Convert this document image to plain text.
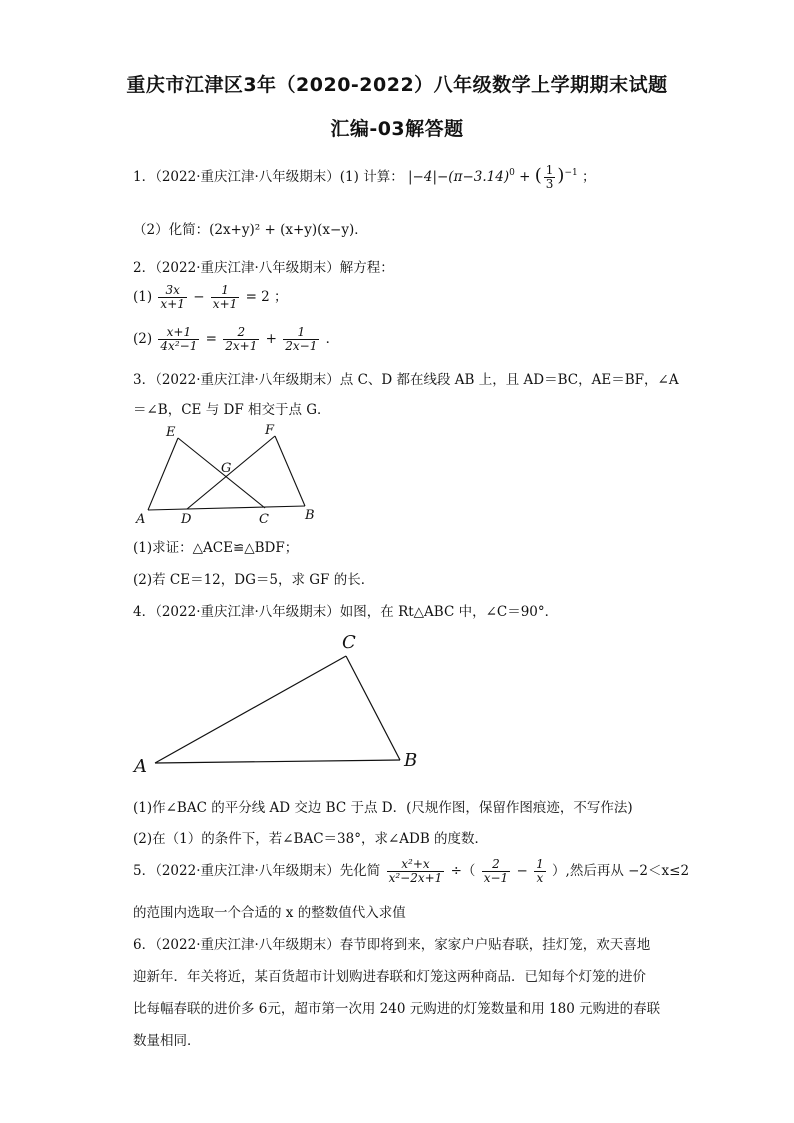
重庆市江津区3年（2020-2022）八年级数学上学期期末试题
汇编-03解答题
1．（2022·重庆江津·八年级期末）(1) 计算： $|-4|-(\pi-3.14)^0$ + ( $\frac{1}{3} )^{-1}$ ；
（2）化简：(2x+y)² + (x+y)(x−y)．
2．（2022·重庆江津·八年级期末）解方程：
$(1) \frac{3x}{x+1} - \frac{1}{x+1} = 2$ ；
$(2) \frac{x+1}{\text{4x²−1}} = \frac{2}{2x+1} + \frac{1}{2x-1}$ ．
3．（2022·重庆江津·八年级期末）点 C、D 都在线段 AB 上，且 AD＝BC，AE＝BF，∠A
＝∠B，CE 与 DF 相交于点 G．
E	F
G
A	D	C	B
(1)求证：△ACE≌△BDF；
(2)若 CE＝12，DG＝5，求 GF 的长．
4．（2022·重庆江津·八年级期末）如图，在 Rt△ABC 中，∠C＝90°．
A
C
B
(1)作∠BAC 的平分线 AD 交边 BC 于点 D．(尺规作图，保留作图痕迹，不写作法)
(2)在（1）的条件下，若∠BAC＝38°，求∠ADB 的度数．
5．（2022·重庆江津·八年级期末）先化简 $\frac{\text{x²+x}}{\text{x²−2x+1}}$ ÷（ $\frac{2}{x-1} - \frac{1}{x}$ ）,然后再从 −2＜x≤2
的范围内选取一个合适的 x 的整数值代入求值
6．（2022·重庆江津·八年级期末）春节即将到来，家家户户贴春联，挂灯笼，欢天喜地
迎新年．年关将近，某百货超市计划购进春联和灯笼这两种商品．已知每个灯笼的进价
比每幅春联的进价多 6元，超市第一次用 240 元购进的灯笼数量和用 180 元购进的春联
数量相同．
